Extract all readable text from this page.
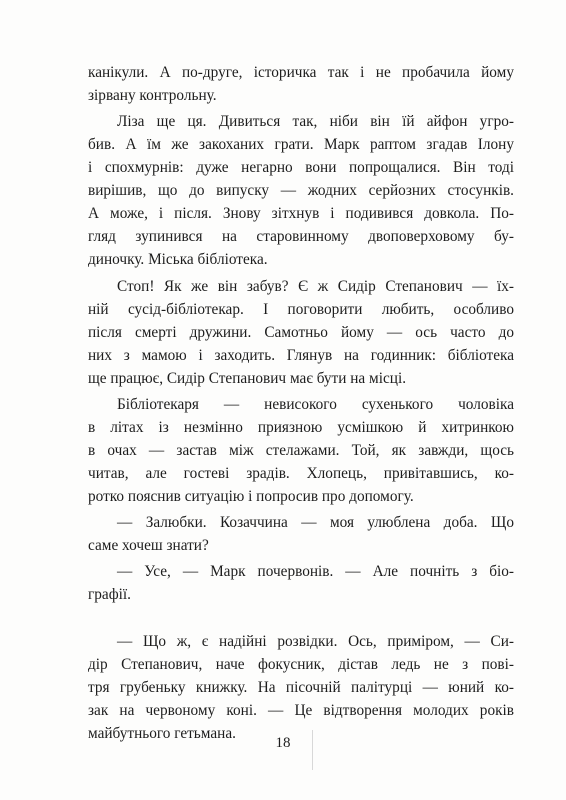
канікули. А по-друге, історичка так і не пробачила йому
зірвану контрольну.
Ліза ще ця. Дивиться так, ніби він їй айфон угро-
бив. А їм же закоханих грати. Марк раптом згадав Ілону
і спохмурнів: дуже негарно вони попрощалися. Він тоді
вирішив, що до випуску — жодних серйозних стосунків.
А може, і після. Знову зітхнув і подивився довкола. По-
гляд зупинився на старовинному двоповерховому бу-
диночку. Міська бібліотека.
Стоп! Як же він забув? Є ж Сидір Степанович — їх-
ній сусід-бібліотекар. І поговорити любить, особливо
після смерті дружини. Самотньо йому — ось часто до
них з мамою і заходить. Глянув на годинник: бібліотека
ще працює, Сидір Степанович має бути на місці.
Бібліотекаря — невисокого сухенького чоловіка
в літах із незмінно приязною усмішкою й хитринкою
в очах — застав між стелажами. Той, як завжди, щось
читав, але гостеві зрадів. Хлопець, привітавшись, ко-
ротко пояснив ситуацію і попросив про допомогу.
— Залюбки. Козаччина — моя улюблена доба. Що
саме хочеш знати?
— Усе, — Марк почервонів. — Але почніть з біо-
графії.
— Що ж, є надійні розвідки. Ось, приміром, — Си-
дір Степанович, наче фокусник, дістав ледь не з пові-
тря грубеньку книжку. На пісочній палітурці — юний ко-
зак на червоному коні. — Це відтворення молодих років
майбутнього гетьмана.
18
